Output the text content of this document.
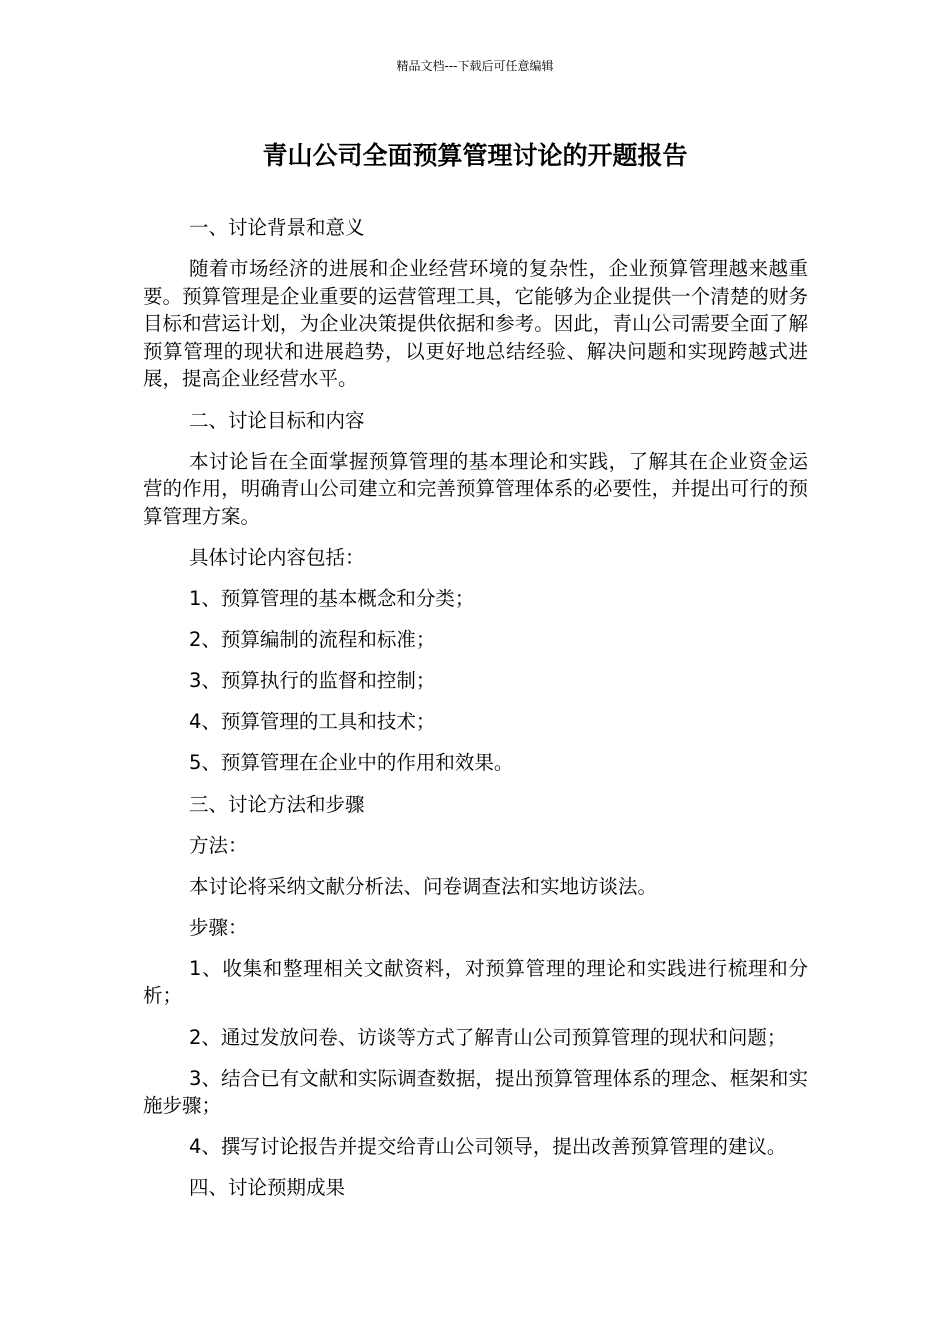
精品文档---下载后可任意编辑
青山公司全面预算管理讨论的开题报告

一、讨论背景和意义

随着市场经济的进展和企业经营环境的复杂性，企业预算管理越来越重要。预算管理是企业重要的运营管理工具，它能够为企业提供一个清楚的财务目标和营运计划，为企业决策提供依据和参考。因此，青山公司需要全面了解预算管理的现状和进展趋势，以更好地总结经验、解决问题和实现跨越式进展，提高企业经营水平。

二、讨论目标和内容

本讨论旨在全面掌握预算管理的基本理论和实践，了解其在企业资金运营的作用，明确青山公司建立和完善预算管理体系的必要性，并提出可行的预算管理方案。

具体讨论内容包括：

1、预算管理的基本概念和分类；

2、预算编制的流程和标准；

3、预算执行的监督和控制；

4、预算管理的工具和技术；

5、预算管理在企业中的作用和效果。

三、讨论方法和步骤

方法：

本讨论将采纳文献分析法、问卷调查法和实地访谈法。

步骤：

1、收集和整理相关文献资料，对预算管理的理论和实践进行梳理和分析；

2、通过发放问卷、访谈等方式了解青山公司预算管理的现状和问题；

3、结合已有文献和实际调查数据，提出预算管理体系的理念、框架和实施步骤；

4、撰写讨论报告并提交给青山公司领导，提出改善预算管理的建议。

四、讨论预期成果
